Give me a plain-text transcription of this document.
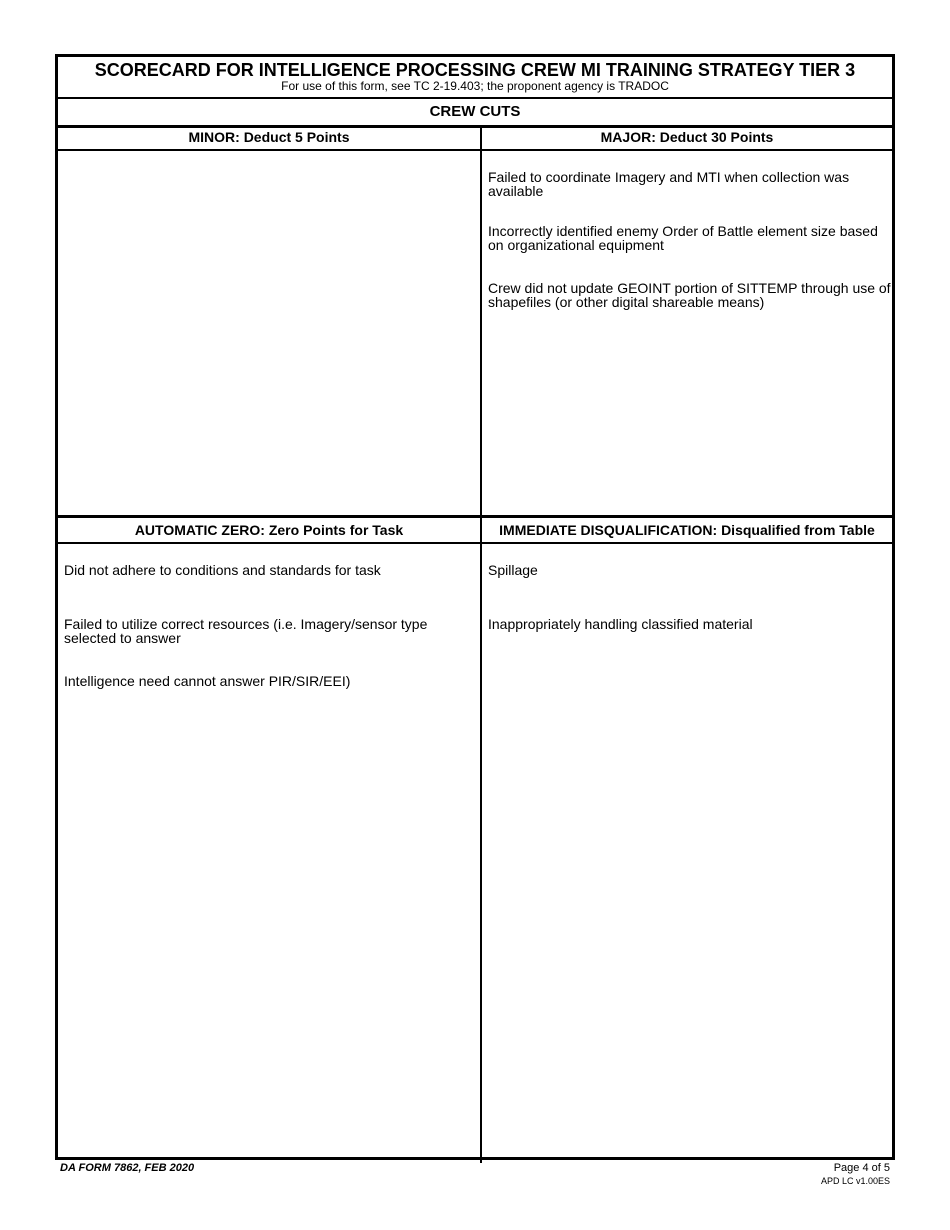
SCORECARD FOR INTELLIGENCE PROCESSING CREW MI TRAINING STRATEGY TIER 3
For use of this form, see TC 2-19.403; the proponent agency is TRADOC
CREW CUTS
MINOR: Deduct 5 Points	MAJOR: Deduct 30 Points
Failed to coordinate Imagery and MTI when collection was available
Incorrectly identified enemy Order of Battle element size based on organizational equipment
Crew did not update GEOINT portion of SITTEMP through use of shapefiles (or other digital shareable means)
AUTOMATIC ZERO: Zero Points for Task	IMMEDIATE DISQUALIFICATION: Disqualified from Table
Did not adhere to conditions and standards for task
Failed to utilize correct resources (i.e. Imagery/sensor type selected to answer
Intelligence need cannot answer PIR/SIR/EEI)
Spillage
Inappropriately handling classified material
DA FORM 7862, FEB 2020	Page 4 of 5
APD LC v1.00ES
